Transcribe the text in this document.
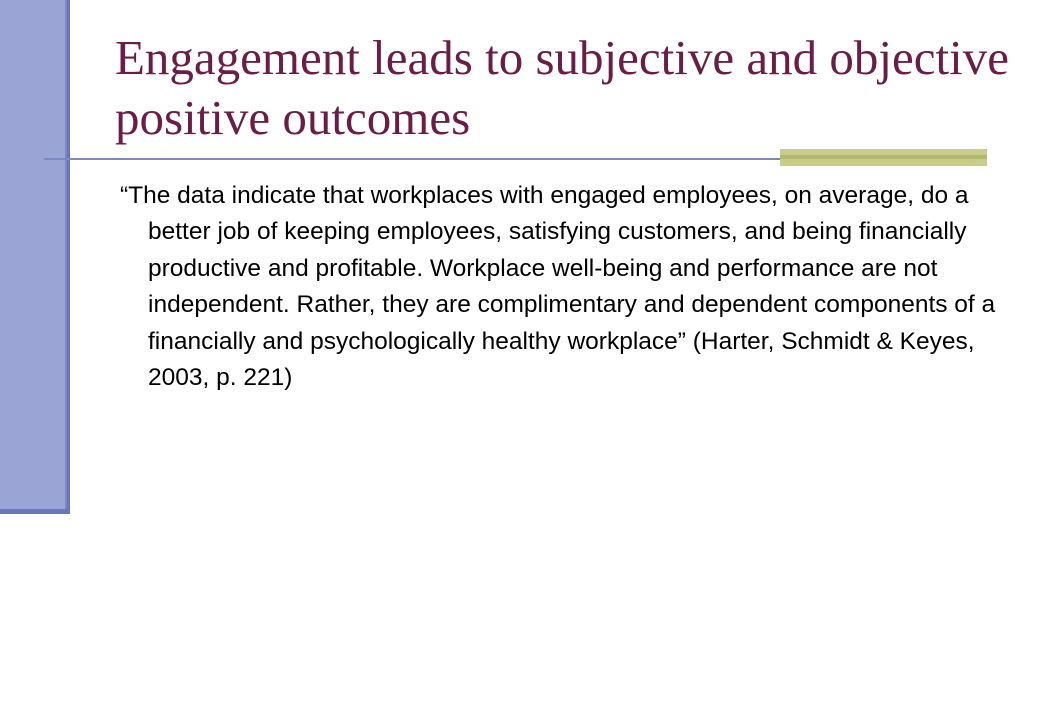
Engagement leads to subjective and objective positive outcomes

“The data indicate that workplaces with engaged employees, on average, do a better job of keeping employees, satisfying customers, and being financially productive and profitable. Workplace well-being and performance are not independent. Rather, they are complimentary and dependent components of a financially and psychologically healthy workplace” (Harter, Schmidt & Keyes, 2003, p. 221)
